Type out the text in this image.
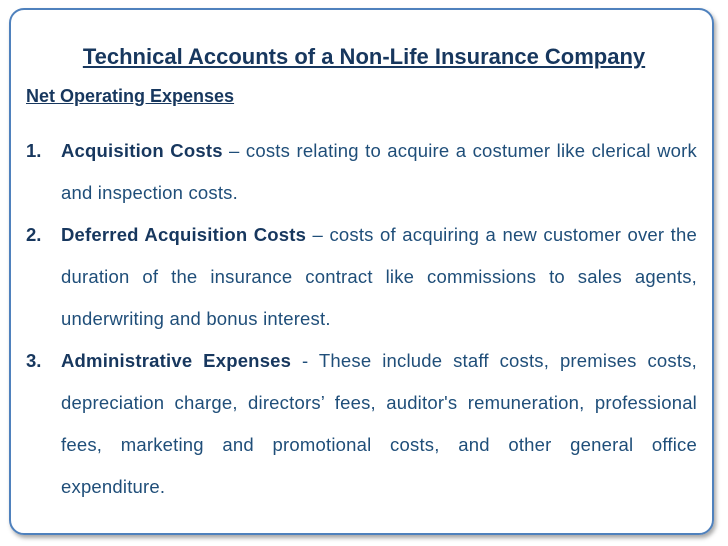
Technical Accounts of a Non-Life Insurance Company
Net Operating Expenses
1. Acquisition Costs – costs relating to acquire a costumer like clerical work and inspection costs.
2. Deferred Acquisition Costs – costs of acquiring a new customer over the duration of the insurance contract like commissions to sales agents, underwriting and bonus interest.
3. Administrative Expenses - These include staff costs, premises costs, depreciation charge, directors’ fees, auditor's remuneration, professional fees, marketing and promotional costs, and other general office expenditure.
